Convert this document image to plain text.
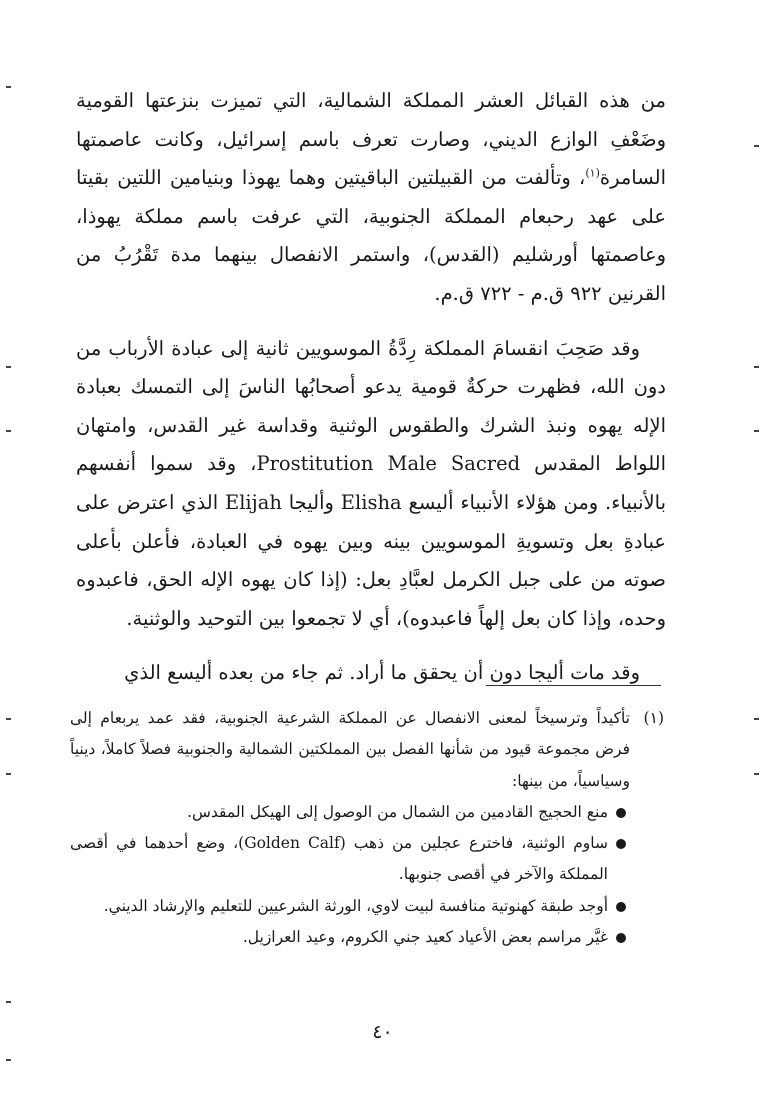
من هذه القبائل العشر المملكة الشمالية، التي تميزت بنزعتها القومية وضَعْفِ الوازع الديني، وصارت تعرف باسم إسرائيل، وكانت عاصمتها السامرة$^{(١)}$، وتألفت من القبيلتين الباقيتين وهما يهوذا وبنيامين اللتين بقيتا على عهد رحبعام المملكة الجنوبية، التي عرفت باسم مملكة يهوذا، وعاصمتها أورشليم (القدس)، واستمر الانفصال بينهما مدة تَقْرُبُ من القرنين ٩٢٢ ق.م - ٧٢٢ ق.م.

وقد صَحِبَ انقسامَ المملكة رِدَّةُ الموسويين ثانية إلى عبادة الأرباب من دون الله، فظهرت حركةٌ قومية يدعو أصحابُها الناسَ إلى التمسك بعبادة الإله يهوه ونبذ الشرك والطقوس الوثنية وقداسة غير القدس، وامتهان اللواط المقدس Prostitution Male Sacred، وقد سموا أنفسهم بالأنبياء. ومن هؤلاء الأنبياء أليسع Elisha وأليجا Elijah الذي اعترض على عبادةِ بعل وتسويةِ الموسويين بينه وبين يهوه في العبادة، فأعلن بأعلى صوته من على جبل الكرمل لعبَّادِ بعل: (إذا كان يهوه الإله الحق، فاعبدوه وحده، وإذا كان بعل إلهاً فاعبدوه)، أي لا تجمعوا بين التوحيد والوثنية.

وقد مات أليجا دون أن يحقق ما أراد. ثم جاء من بعده أليسع الذي

(١)
تأكيداً وترسيخاً لمعنى الانفصال عن المملكة الشرعية الجنوبية، فقد عمد يربعام إلى فرض مجموعة قيود من شأنها الفصل بين المملكتين الشمالية والجنوبية فصلاً كاملاً، دينياً وسياسياً، من بينها:
منع الحجيج القادمين من الشمال من الوصول إلى الهيكل المقدس.
ساوم الوثنية، فاخترع عجلين من ذهب (Golden Calf)، وضع أحدهما في أقصى المملكة والآخر في أقصى جنوبها.
أوجد طبقة كهنوتية منافسة لبيت لاوي، الورثة الشرعيين للتعليم والإرشاد الديني.
غيَّر مراسم بعض الأعياد كعيد جني الكروم، وعيد العرازيل.
٤٠
